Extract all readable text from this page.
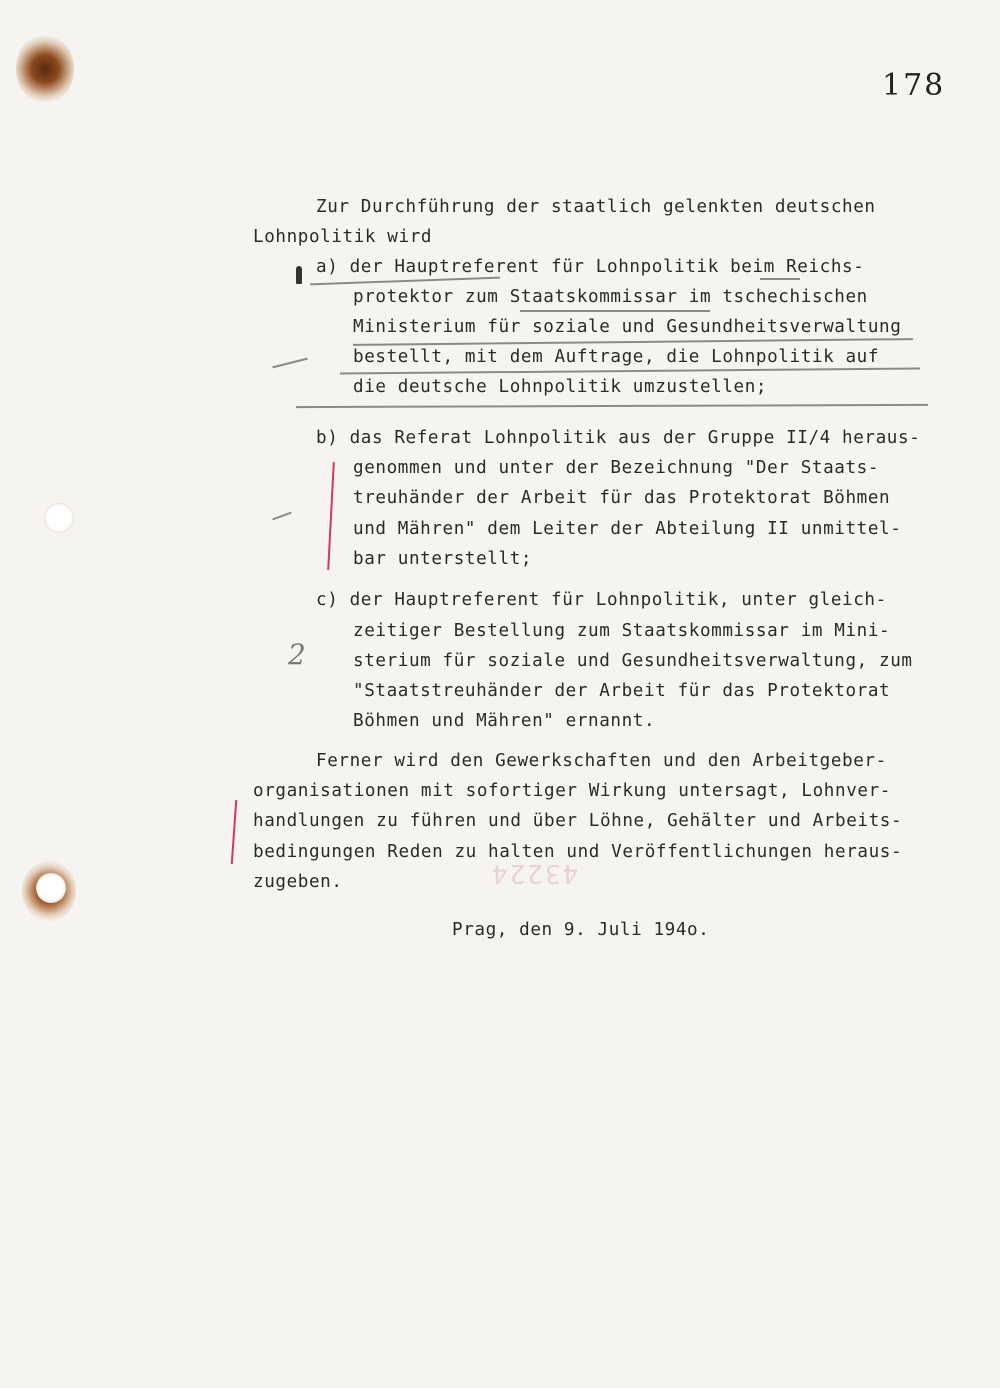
178
Zur Durchführung der staatlich gelenkten deutschen
Lohnpolitik wird
a) der Hauptreferent für Lohnpolitik beim Reichs-
protektor zum Staatskommissar im tschechischen
Ministerium für soziale und Gesundheitsverwaltung
bestellt, mit dem Auftrage, die Lohnpolitik auf
die deutsche Lohnpolitik umzustellen;
b) das Referat Lohnpolitik aus der Gruppe II/4 heraus-
genommen und unter der Bezeichnung "Der Staats-
treuhänder der Arbeit für das Protektorat Böhmen
und Mähren" dem Leiter der Abteilung II unmittel-
bar unterstellt;
2
c) der Hauptreferent für Lohnpolitik, unter gleich-
zeitiger Bestellung zum Staatskommissar im Mini-
sterium für soziale und Gesundheitsverwaltung, zum
"Staatstreuhänder der Arbeit für das Protektorat
Böhmen und Mähren" ernannt.
Ferner wird den Gewerkschaften und den Arbeitgeber-
organisationen mit sofortiger Wirkung untersagt, Lohnver-
handlungen zu führen und über Löhne, Gehälter und Arbeits-
bedingungen Reden zu halten und Veröffentlichungen heraus-
zugeben.	43224
Prag, den 9. Juli 194o.
